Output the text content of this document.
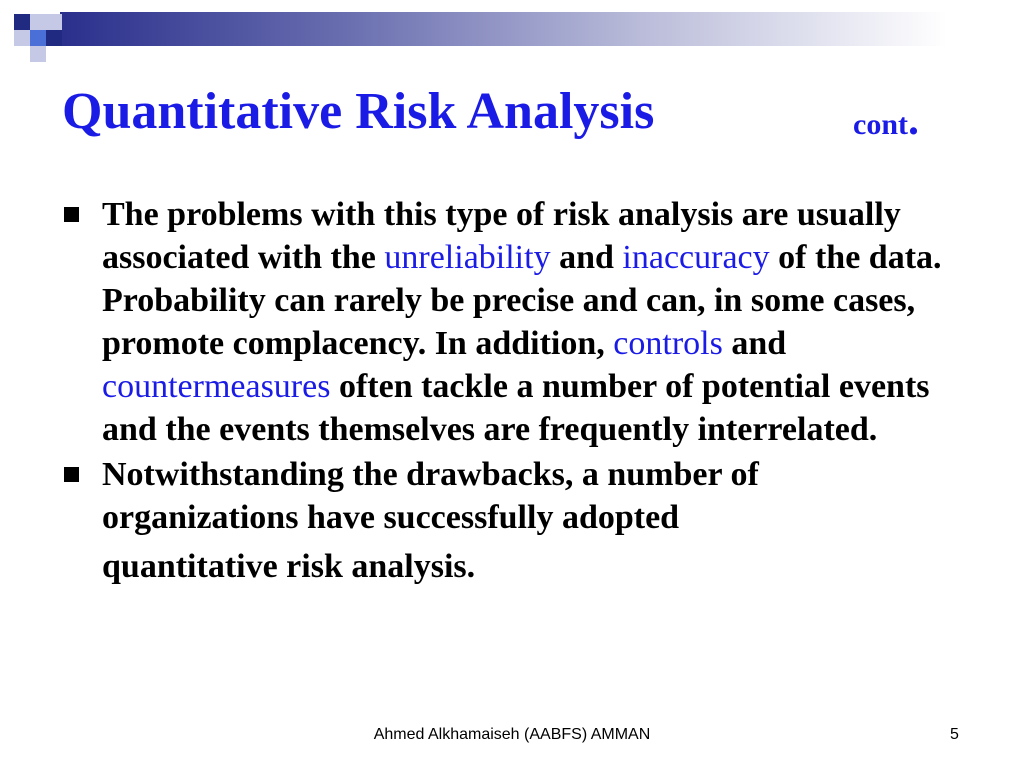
Quantitative Risk Analysis	cont.
The problems with this type of risk analysis are usually associated with the unreliability and inaccuracy of the data. Probability can rarely be precise and can, in some cases, promote complacency. In addition, controls and countermeasures often tackle a number of potential events and the events themselves are frequently interrelated.
Notwithstanding the drawbacks, a number of organizations have successfully adopted quantitative risk analysis.
Ahmed Alkhamaiseh (AABFS) AMMAN	5
